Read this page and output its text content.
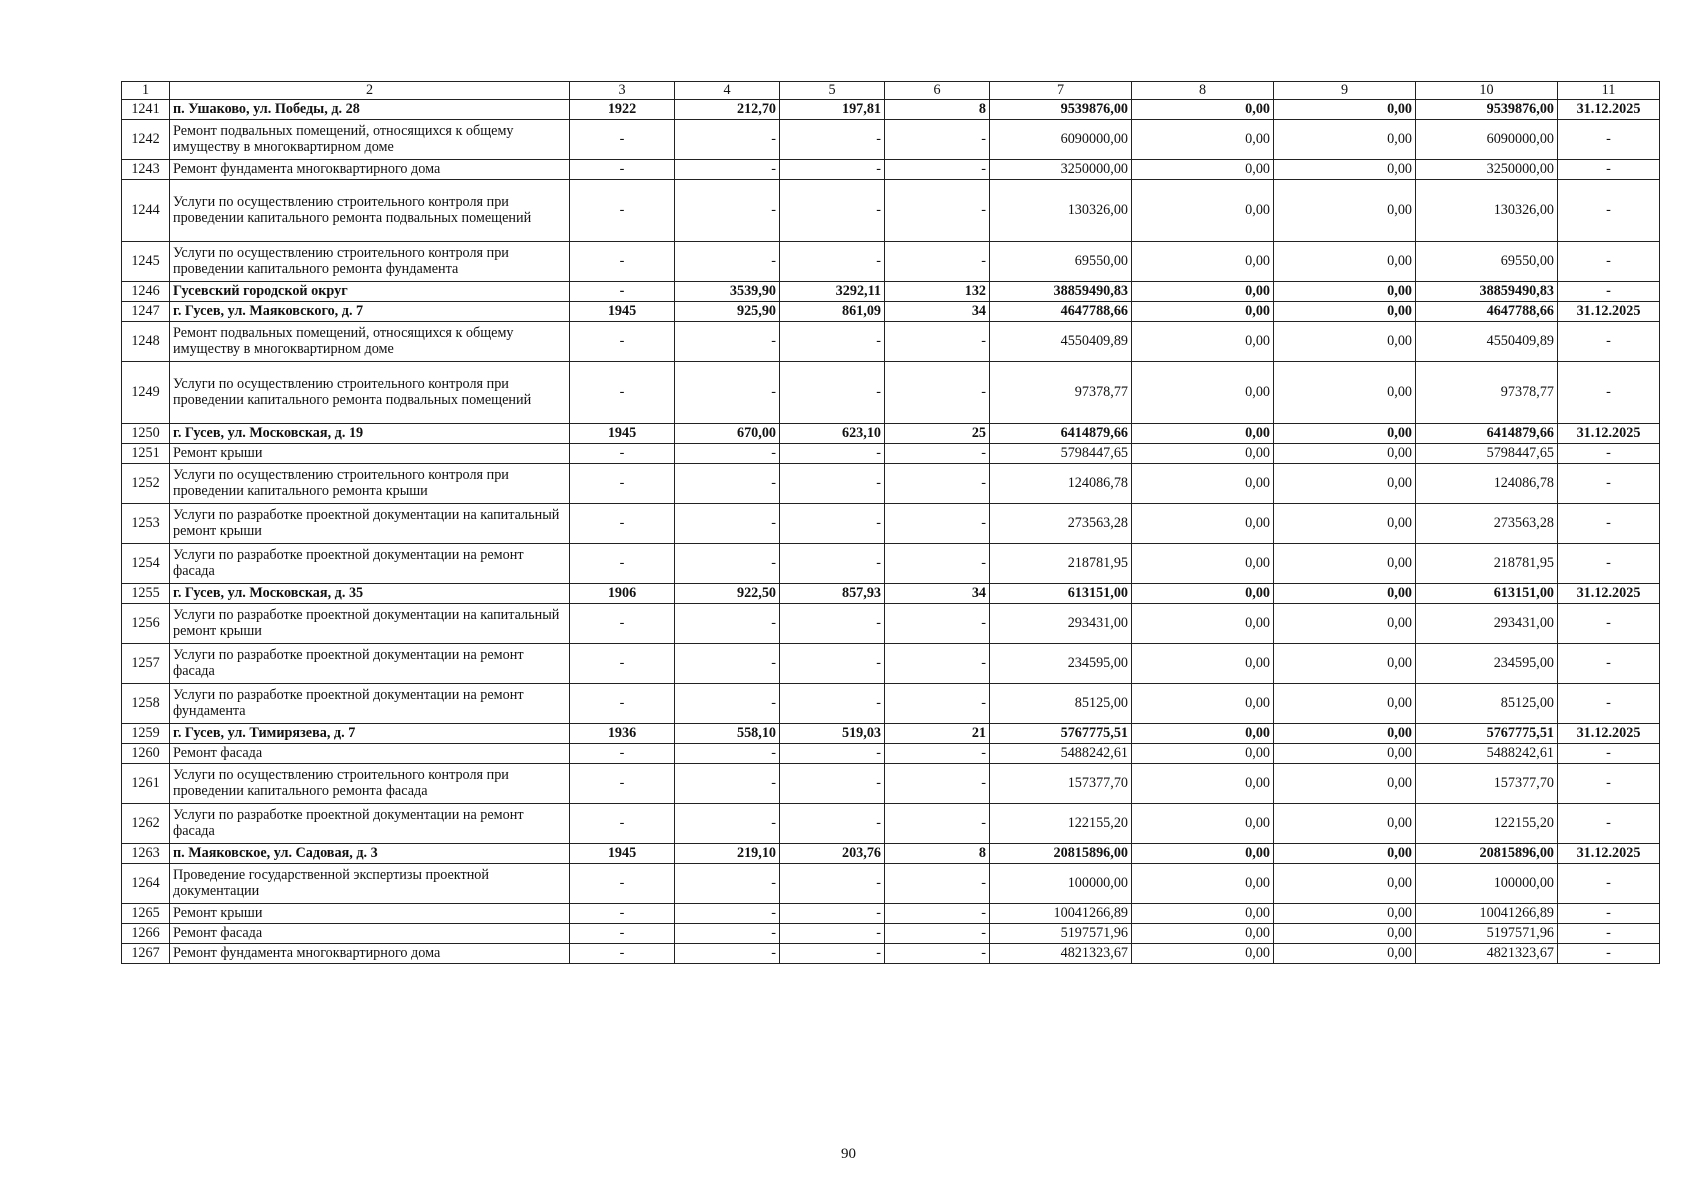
1	2	3	4	5	6	7	8	9	10	11
1241	п. Ушаково, ул. Победы, д. 28	1922	212,70	197,81	8	9539876,00	0,00	0,00	9539876,00	31.12.2025
1242	Ремонт подвальных помещений, относящихся к общему имуществу в многоквартирном доме	-	-	-	-	6090000,00	0,00	0,00	6090000,00	-
1243	Ремонт фундамента многоквартирного дома	-	-	-	-	3250000,00	0,00	0,00	3250000,00	-
1244	Услуги по осуществлению строительного контроля при проведении капитального ремонта подвальных помещений	-	-	-	-	130326,00	0,00	0,00	130326,00	-
1245	Услуги по осуществлению строительного контроля при проведении капитального ремонта фундамента	-	-	-	-	69550,00	0,00	0,00	69550,00	-
1246	Гусевский городской округ	-	3539,90	3292,11	132	38859490,83	0,00	0,00	38859490,83	-
1247	г. Гусев, ул. Маяковского, д. 7	1945	925,90	861,09	34	4647788,66	0,00	0,00	4647788,66	31.12.2025
1248	Ремонт подвальных помещений, относящихся к общему имуществу в многоквартирном доме	-	-	-	-	4550409,89	0,00	0,00	4550409,89	-
1249	Услуги по осуществлению строительного контроля при проведении капитального ремонта подвальных помещений	-	-	-	-	97378,77	0,00	0,00	97378,77	-
1250	г. Гусев, ул. Московская, д. 19	1945	670,00	623,10	25	6414879,66	0,00	0,00	6414879,66	31.12.2025
1251	Ремонт крыши	-	-	-	-	5798447,65	0,00	0,00	5798447,65	-
1252	Услуги по осуществлению строительного контроля при проведении капитального ремонта крыши	-	-	-	-	124086,78	0,00	0,00	124086,78	-
1253	Услуги по разработке проектной документации на капитальный ремонт крыши	-	-	-	-	273563,28	0,00	0,00	273563,28	-
1254	Услуги по разработке проектной документации на ремонт фасада	-	-	-	-	218781,95	0,00	0,00	218781,95	-
1255	г. Гусев, ул. Московская, д. 35	1906	922,50	857,93	34	613151,00	0,00	0,00	613151,00	31.12.2025
1256	Услуги по разработке проектной документации на капитальный ремонт крыши	-	-	-	-	293431,00	0,00	0,00	293431,00	-
1257	Услуги по разработке проектной документации на ремонт фасада	-	-	-	-	234595,00	0,00	0,00	234595,00	-
1258	Услуги по разработке проектной документации на ремонт фундамента	-	-	-	-	85125,00	0,00	0,00	85125,00	-
1259	г. Гусев, ул. Тимирязева, д. 7	1936	558,10	519,03	21	5767775,51	0,00	0,00	5767775,51	31.12.2025
1260	Ремонт фасада	-	-	-	-	5488242,61	0,00	0,00	5488242,61	-
1261	Услуги по осуществлению строительного контроля при проведении капитального ремонта фасада	-	-	-	-	157377,70	0,00	0,00	157377,70	-
1262	Услуги по разработке проектной документации на ремонт фасада	-	-	-	-	122155,20	0,00	0,00	122155,20	-
1263	п. Маяковское, ул. Садовая, д. 3	1945	219,10	203,76	8	20815896,00	0,00	0,00	20815896,00	31.12.2025
1264	Проведение государственной экспертизы проектной документации	-	-	-	-	100000,00	0,00	0,00	100000,00	-
1265	Ремонт крыши	-	-	-	-	10041266,89	0,00	0,00	10041266,89	-
1266	Ремонт фасада	-	-	-	-	5197571,96	0,00	0,00	5197571,96	-
1267	Ремонт фундамента многоквартирного дома	-	-	-	-	4821323,67	0,00	0,00	4821323,67	-
90
